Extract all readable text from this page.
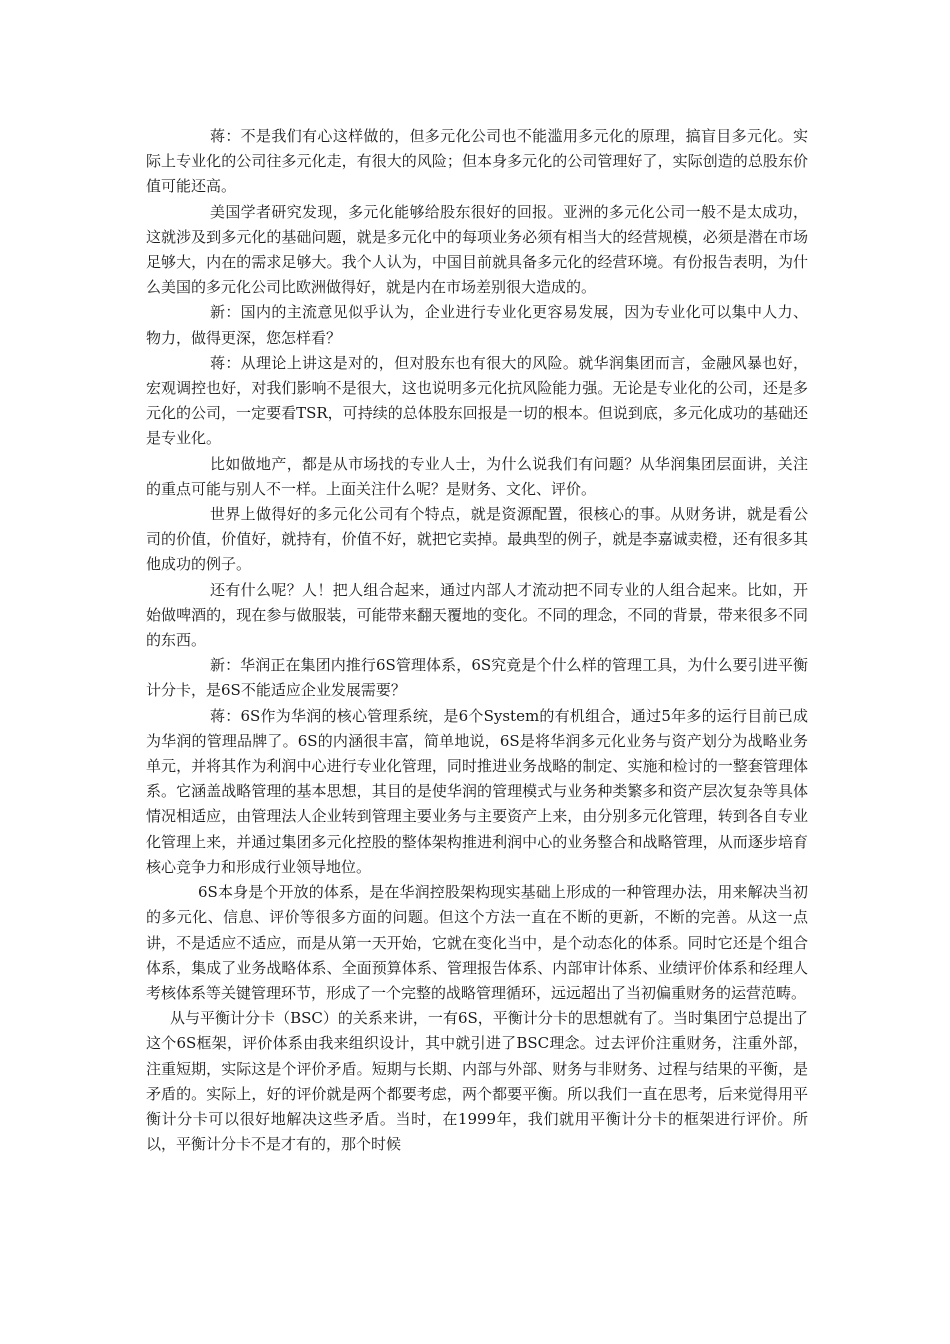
蒋：不是我们有心这样做的，但多元化公司也不能滥用多元化的原理，搞盲目多元化。实际上专业化的公司往多元化走，有很大的风险；但本身多元化的公司管理好了，实际创造的总股东价值可能还高。

美国学者研究发现，多元化能够给股东很好的回报。亚洲的多元化公司一般不是太成功，这就涉及到多元化的基础问题，就是多元化中的每项业务必须有相当大的经营规模，必须是潜在市场足够大，内在的需求足够大。我个人认为，中国目前就具备多元化的经营环境。有份报告表明，为什么美国的多元化公司比欧洲做得好，就是内在市场差别很大造成的。

新：国内的主流意见似乎认为，企业进行专业化更容易发展，因为专业化可以集中人力、物力，做得更深，您怎样看？

蒋：从理论上讲这是对的，但对股东也有很大的风险。就华润集团而言，金融风暴也好，宏观调控也好，对我们影响不是很大，这也说明多元化抗风险能力强。无论是专业化的公司，还是多元化的公司，一定要看TSR，可持续的总体股东回报是一切的根本。但说到底，多元化成功的基础还是专业化。

比如做地产，都是从市场找的专业人士，为什么说我们有问题？从华润集团层面讲，关注的重点可能与别人不一样。上面关注什么呢？是财务、文化、评价。

世界上做得好的多元化公司有个特点，就是资源配置，很核心的事。从财务讲，就是看公司的价值，价值好，就持有，价值不好，就把它卖掉。最典型的例子，就是李嘉诚卖橙，还有很多其他成功的例子。

还有什么呢？人！把人组合起来，通过内部人才流动把不同专业的人组合起来。比如，开始做啤酒的，现在参与做服装，可能带来翻天覆地的变化。不同的理念，不同的背景，带来很多不同的东西。

新：华润正在集团内推行6S管理体系，6S究竟是个什么样的管理工具，为什么要引进平衡计分卡，是6S不能适应企业发展需要？

蒋：6S作为华润的核心管理系统，是6个System的有机组合，通过5年多的运行目前已成为华润的管理品牌了。6S的内涵很丰富，简单地说，6S是将华润多元化业务与资产划分为战略业务单元，并将其作为利润中心进行专业化管理，同时推进业务战略的制定、实施和检讨的一整套管理体系。它涵盖战略管理的基本思想，其目的是使华润的管理模式与业务种类繁多和资产层次复杂等具体情况相适应，由管理法人企业转到管理主要业务与主要资产上来，由分别多元化管理，转到各自专业化管理上来，并通过集团多元化控股的整体架构推进利润中心的业务整合和战略管理，从而逐步培育核心竞争力和形成行业领导地位。

6S本身是个开放的体系，是在华润控股架构现实基础上形成的一种管理办法，用来解决当初的多元化、信息、评价等很多方面的问题。但这个方法一直在不断的更新，不断的完善。从这一点讲，不是适应不适应，而是从第一天开始，它就在变化当中，是个动态化的体系。同时它还是个组合体系，集成了业务战略体系、全面预算体系、管理报告体系、内部审计体系、业绩评价体系和经理人考核体系等关键管理环节，形成了一个完整的战略管理循环，远远超出了当初偏重财务的运营范畴。

从与平衡计分卡（BSC）的关系来讲，一有6S，平衡计分卡的思想就有了。当时集团宁总提出了这个6S框架，评价体系由我来组织设计，其中就引进了BSC理念。过去评价注重财务，注重外部，注重短期，实际这是个评价矛盾。短期与长期、内部与外部、财务与非财务、过程与结果的平衡，是矛盾的。实际上，好的评价就是两个都要考虑，两个都要平衡。所以我们一直在思考，后来觉得用平衡计分卡可以很好地解决这些矛盾。当时，在1999年，我们就用平衡计分卡的框架进行评价。所以，平衡计分卡不是才有的，那个时候
